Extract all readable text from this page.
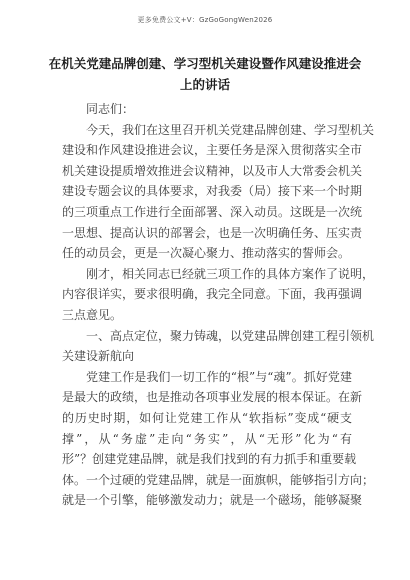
更多免费公文+V：GzGoGongWen2026
在机关党建品牌创建、学习型机关建设暨作风建设推进会
上的讲话
同志们：
今天，我们在这里召开机关党建品牌创建、学习型机关
建设和作风建设推进会议，主要任务是深入贯彻落实全市
机关建设提质增效推进会议精神，以及市人大常委会机关
建设专题会议的具体要求，对我委（局）接下来一个时期
的三项重点工作进行全面部署、深入动员。这既是一次统
一思想、提高认识的部署会，也是一次明确任务、压实责
任的动员会，更是一次凝心聚力、推动落实的誓师会。
刚才，相关同志已经就三项工作的具体方案作了说明，
内容很详实，要求很明确，我完全同意。下面，我再强调
三点意见。
一、高点定位，聚力铸魂，以党建品牌创建工程引领机
关建设新航向
党建工作是我们一切工作的“根”与“魂”。抓好党建
是最大的政绩，也是推动各项事业发展的根本保证。在新
的历史时期，如何让党建工作从“软指标”变成“硬支
撑”，从“务虚”走向“务实”，从“无形”化为“有
形”？创建党建品牌，就是我们找到的有力抓手和重要载
体。一个过硬的党建品牌，就是一面旗帜，能够指引方向；
就是一个引擎，能够激发动力；就是一个磁场，能够凝聚
